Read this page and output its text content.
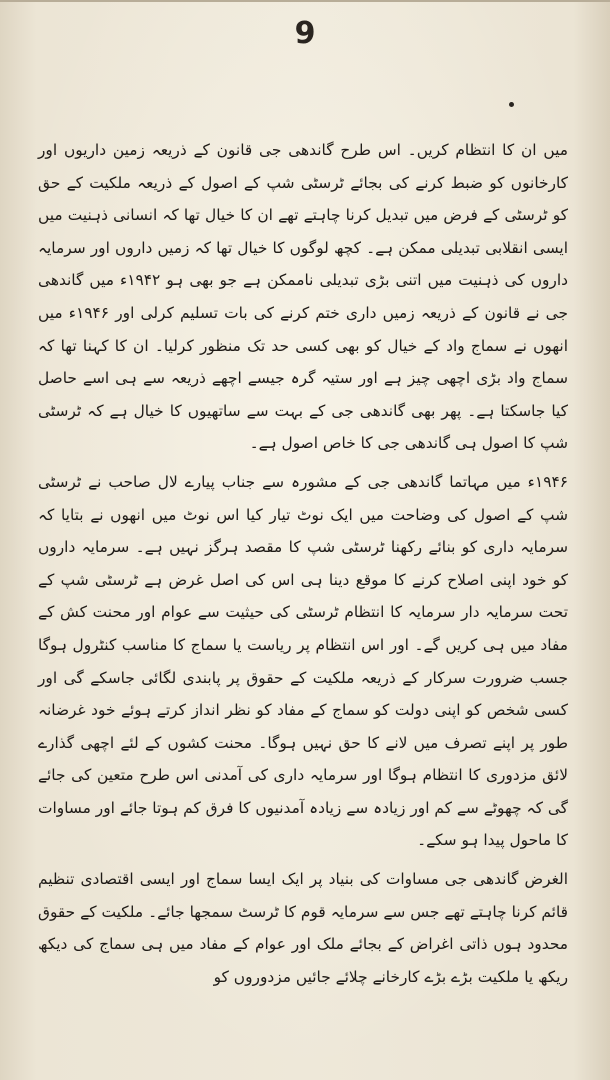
9

میں ان کا انتظام کریں۔ اس طرح گاندھی جی قانون کے ذریعہ زمین داریوں اور کارخانوں کو ضبط کرنے کی بجائے ٹرسٹی شپ کے اصول کے ذریعہ ملکیت کے حق کو ٹرسٹی کے فرض میں تبدیل کرنا چاہتے تھے ان کا خیال تھا کہ انسانی ذہنیت میں ایسی انقلابی تبدیلی ممکن ہے۔ کچھ لوگوں کا خیال تھا کہ زمیں داروں اور سرمایہ داروں کی ذہنیت میں اتنی بڑی تبدیلی ناممکن ہے جو بھی ہو ۱۹۴۲ء میں گاندھی جی نے قانون کے ذریعہ زمیں داری ختم کرنے کی بات تسلیم کرلی اور ۱۹۴۶ء میں انھوں نے سماج واد کے خیال کو بھی کسی حد تک منظور کرلیا۔ ان کا کہنا تھا کہ سماج واد بڑی اچھی چیز ہے اور ستیہ گرہ جیسے اچھے ذریعہ سے ہی اسے حاصل کیا جاسکتا ہے۔ پھر بھی گاندھی جی کے بہت سے ساتھیوں کا خیال ہے کہ ٹرسٹی شپ کا اصول ہی گاندھی جی کا خاص اصول ہے۔

۱۹۴۶ء میں مہاتما گاندھی جی کے مشورہ سے جناب پیارے لال صاحب نے ٹرسٹی شپ کے اصول کی وضاحت میں ایک نوٹ تیار کیا اس نوٹ میں انھوں نے بتایا کہ سرمایہ داری کو بنائے رکھنا ٹرسٹی شپ کا مقصد ہرگز نہیں ہے۔ سرمایہ داروں کو خود اپنی اصلاح کرنے کا موقع دینا ہی اس کی اصل غرض ہے ٹرسٹی شپ کے تحت سرمایہ دار سرمایہ کا انتظام ٹرسٹی کی حیثیت سے عوام اور محنت کش کے مفاد میں ہی کریں گے۔ اور اس انتظام پر ریاست یا سماج کا مناسب کنٹرول ہوگا جسب ضرورت سرکار کے ذریعہ ملکیت کے حقوق پر پابندی لگائی جاسکے گی اور کسی شخص کو اپنی دولت کو سماج کے مفاد کو نظر انداز کرتے ہوئے خود غرضانہ طور پر اپنے تصرف میں لانے کا حق نہیں ہوگا۔ محنت کشوں کے لئے اچھی گذارے لائق مزدوری کا انتظام ہوگا اور سرمایہ داری کی آمدنی اس طرح متعین کی جائے گی کہ چھوٹے سے کم اور زیادہ سے زیادہ آمدنیوں کا فرق کم ہوتا جائے اور مساوات کا ماحول پیدا ہو سکے۔

الغرض گاندھی جی مساوات کی بنیاد پر ایک ایسا سماج اور ایسی اقتصادی تنظیم قائم کرنا چاہتے تھے جس سے سرمایہ قوم کا ٹرسٹ سمجھا جائے۔ ملکیت کے حقوق محدود ہوں ذاتی اغراض کے بجائے ملک اور عوام کے مفاد میں ہی سماج کی دیکھ ریکھ یا ملکیت بڑے بڑے کارخانے چلائے جائیں مزدوروں کو
